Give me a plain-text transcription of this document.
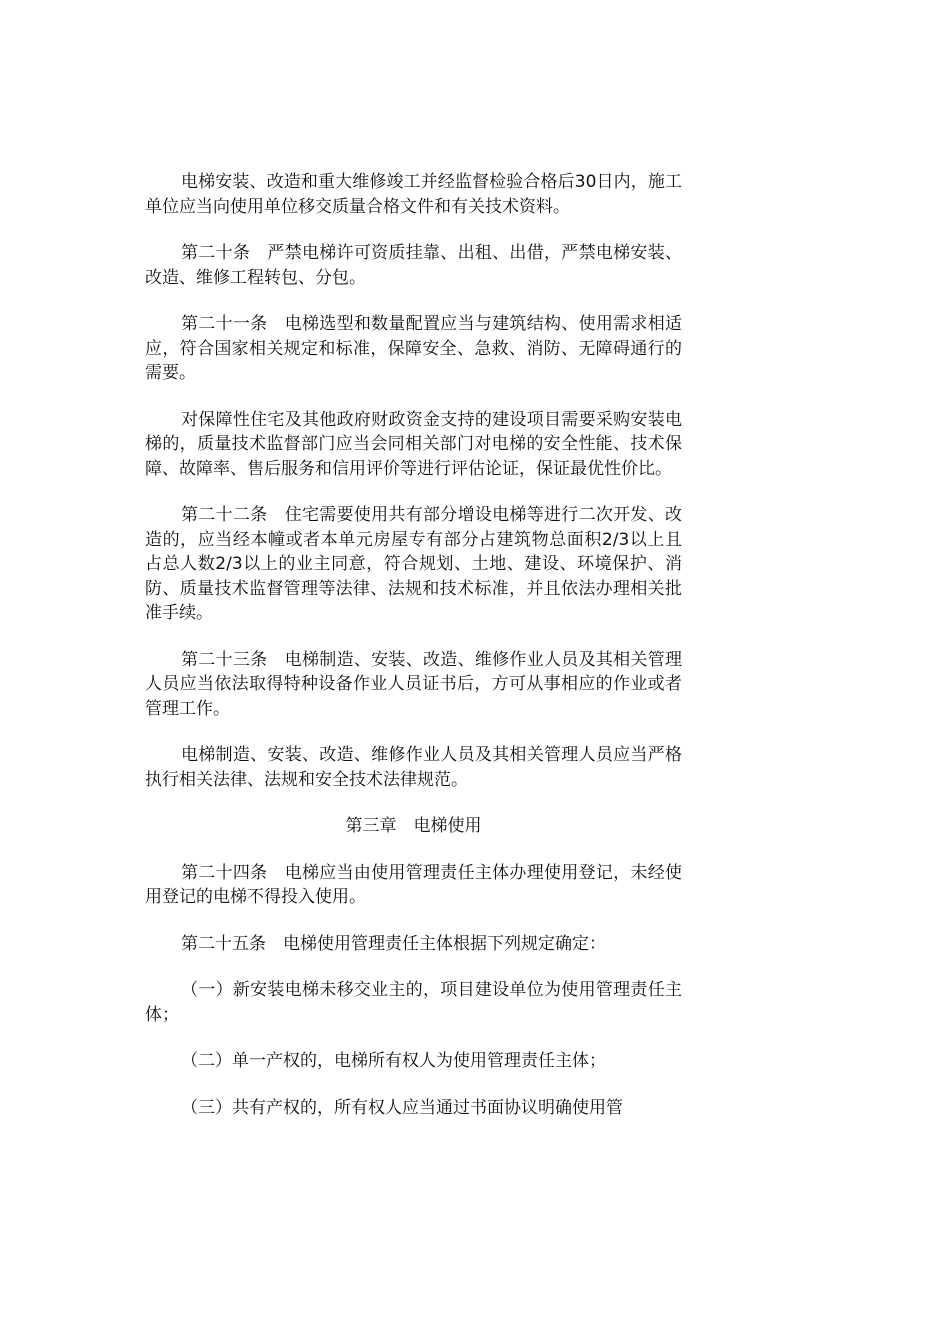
电梯安装、改造和重大维修竣工并经监督检验合格后30日内，施工单位应当向使用单位移交质量合格文件和有关技术资料。

第二十条　严禁电梯许可资质挂靠、出租、出借，严禁电梯安装、改造、维修工程转包、分包。

第二十一条　电梯选型和数量配置应当与建筑结构、使用需求相适应，符合国家相关规定和标准，保障安全、急救、消防、无障碍通行的需要。

对保障性住宅及其他政府财政资金支持的建设项目需要采购安装电梯的，质量技术监督部门应当会同相关部门对电梯的安全性能、技术保障、故障率、售后服务和信用评价等进行评估论证，保证最优性价比。

第二十二条　住宅需要使用共有部分增设电梯等进行二次开发、改造的，应当经本幢或者本单元房屋专有部分占建筑物总面积2/3以上且占总人数2/3以上的业主同意，符合规划、土地、建设、环境保护、消防、质量技术监督管理等法律、法规和技术标准，并且依法办理相关批准手续。

第二十三条　电梯制造、安装、改造、维修作业人员及其相关管理人员应当依法取得特种设备作业人员证书后，方可从事相应的作业或者管理工作。

电梯制造、安装、改造、维修作业人员及其相关管理人员应当严格执行相关法律、法规和安全技术法律规范。

第三章　电梯使用

第二十四条　电梯应当由使用管理责任主体办理使用登记，未经使用登记的电梯不得投入使用。

第二十五条　电梯使用管理责任主体根据下列规定确定：

（一）新安装电梯未移交业主的，项目建设单位为使用管理责任主体；

（二）单一产权的，电梯所有权人为使用管理责任主体；

（三）共有产权的，所有权人应当通过书面协议明确使用管
